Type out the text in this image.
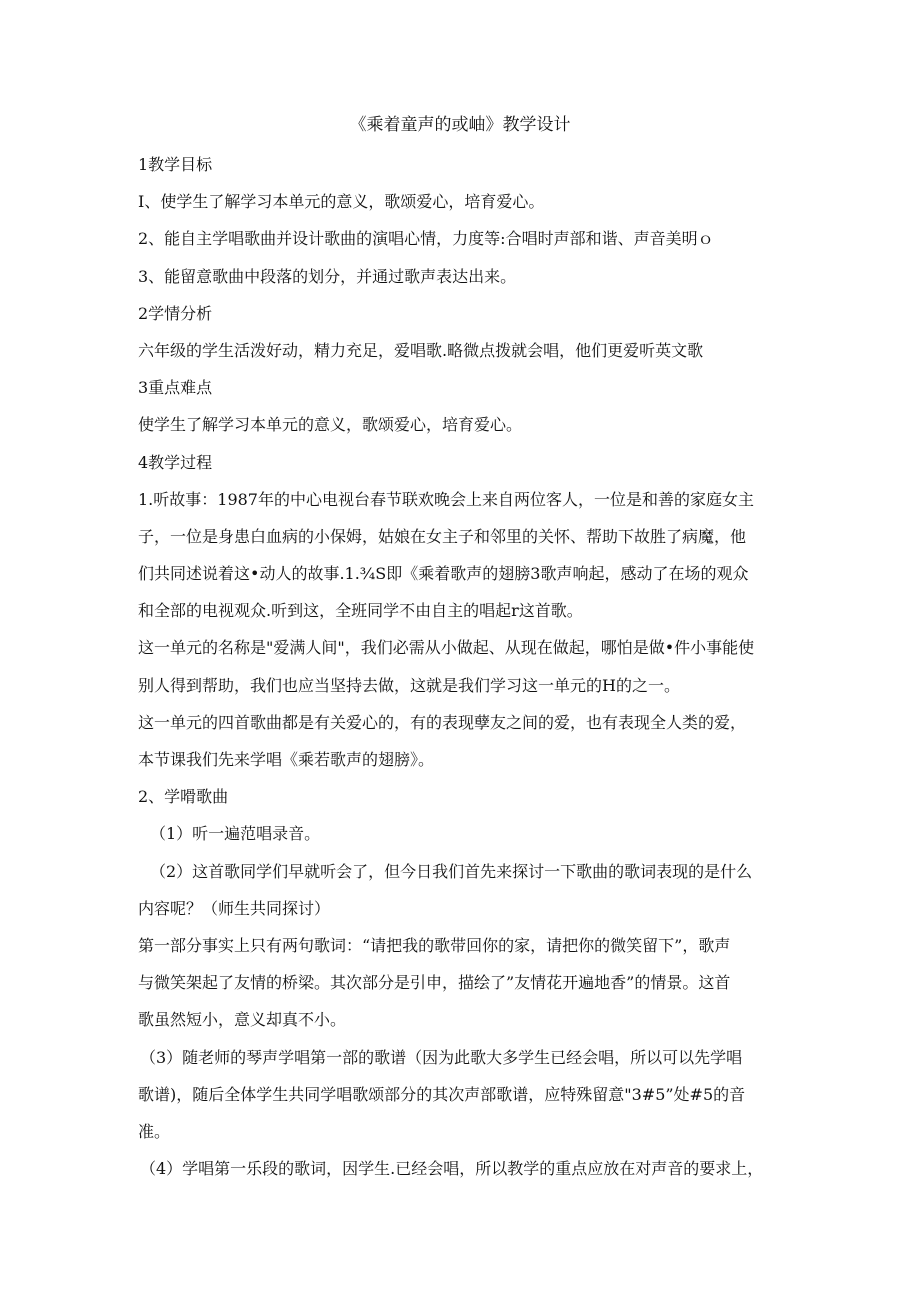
《乘着童声的或岫》教学设计
1教学目标
I、使学生了解学习本单元的意义，歌颂爱心，培育爱心。
2、能自主学唱歌曲并设计歌曲的演唱心情，力度等:合唱时声部和谐、声音美明ｏ
3、能留意歌曲中段落的划分，并通过歌声表达出来。
2学情分析
六年级的学生活泼好动，精力充足，爱唱歌.略微点拨就会唱，他们更爱听英文歌
3重点难点
使学生了解学习本单元的意义，歌颂爱心，培育爱心。
4教学过程
1.听故事：1987年的中心电视台春节联欢晚会上来自两位客人，一位是和善的家庭女主
子，一位是身患白血病的小保姆，姑娘在女主子和邻里的关怀、帮助下故胜了病魔，他
们共同述说着这•动人的故事.1.¾S即《乘着歌声的翅膀3歌声响起，感动了在场的观众
和全部的电视观众.听到这，全班同学不由自主的唱起r这首歌。
这一单元的名称是"爱满人间"，我们必需从小做起、从现在做起，哪怕是做•件小事能使
别人得到帮助，我们也应当坚持去做，这就是我们学习这一单元的H的之一。
这一单元的四首歌曲都是有关爱心的，有的表现孽友之间的爱，也有表现全人类的爱，
本节课我们先来学唱《乘若歌声的翅膀》。
2、学嗗歌曲
（1）听一遍范唱录音。
（2）这首歌同学们早就听会了，但今日我们首先来探讨一下歌曲的歌词表现的是什么
内容呢？（师生共同探讨）
第一部分事实上只有两句歌词：“请把我的歌带回你的家，请把你的微笑留下”，歌声
与微笑架起了友情的桥梁。其次部分是引申，描绘了”友情花开遍地香”的情景。这首
歌虽然短小，意义却真不小。
（3）随老师的琴声学唱第一部的歌谱（因为此歌大多学生已经会唱，所以可以先学唱
歌谱)，随后全体学生共同学唱歌颂部分的其次声部歌谱，应特殊留意"3#5”处#5的音
准。
（4）学唱第一乐段的歌词，因学生.已经会唱，所以教学的重点应放在对声音的要求上，
